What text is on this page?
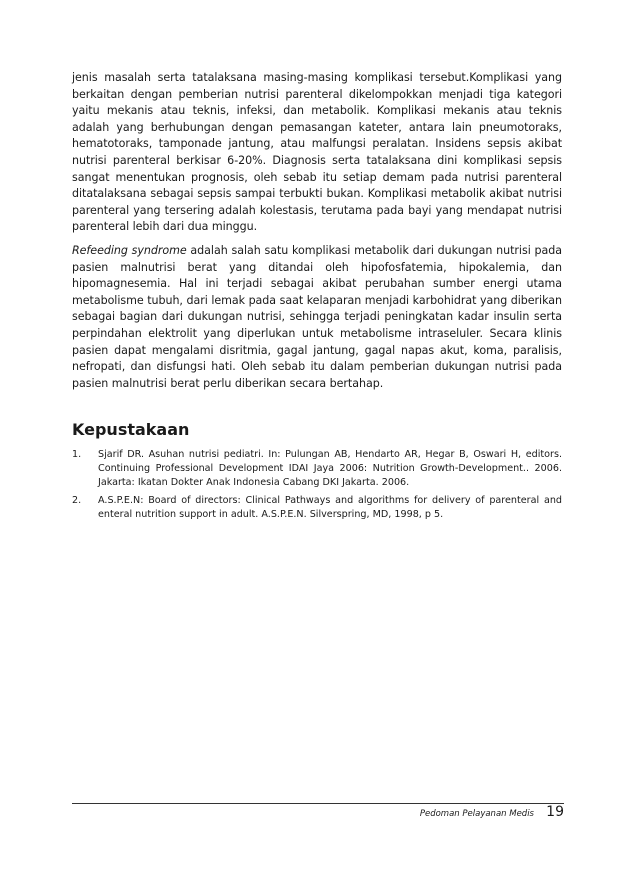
jenis masalah serta tatalaksana masing-masing komplikasi tersebut.Komplikasi yang berkaitan dengan pemberian nutrisi parenteral dikelompokkan menjadi tiga kategori yaitu mekanis atau teknis, infeksi, dan metabolik. Komplikasi mekanis atau teknis adalah yang berhubungan dengan pemasangan kateter, antara lain pneumotoraks, hematotoraks, tamponade jantung, atau malfungsi peralatan. Insidens sepsis akibat nutrisi parenteral berkisar 6-20%. Diagnosis serta tatalaksana dini komplikasi sepsis sangat menentukan prognosis, oleh sebab itu setiap demam pada nutrisi parenteral ditatalaksana sebagai sepsis sampai terbukti bukan. Komplikasi metabolik akibat nutrisi parenteral yang tersering adalah kolestasis, terutama pada bayi yang mendapat nutrisi parenteral lebih dari dua minggu.

Refeeding syndrome adalah salah satu komplikasi metabolik dari dukungan nutrisi pada pasien malnutrisi berat yang ditandai oleh hipofosfatemia, hipokalemia, dan hipomagnesemia. Hal ini terjadi sebagai akibat perubahan sumber energi utama metabolisme tubuh, dari lemak pada saat kelaparan menjadi karbohidrat yang diberikan sebagai bagian dari dukungan nutrisi, sehingga terjadi peningkatan kadar insulin serta perpindahan elektrolit yang diperlukan untuk metabolisme intraseluler. Secara klinis pasien dapat mengalami disritmia, gagal jantung, gagal napas akut, koma, paralisis, nefropati, dan disfungsi hati. Oleh sebab itu dalam pemberian dukungan nutrisi pada pasien malnutrisi berat perlu diberikan secara bertahap.

Kepustakaan
1.	Sjarif DR. Asuhan nutrisi pediatri. In: Pulungan AB, Hendarto AR, Hegar B, Oswari H, editors. Continuing Professional Development IDAI Jaya 2006: Nutrition Growth-Development.. 2006. Jakarta: Ikatan Dokter Anak Indonesia Cabang DKI Jakarta. 2006.
2.	A.S.P.E.N: Board of directors: Clinical Pathways and algorithms for delivery of parenteral and enteral nutrition support in adult. A.S.P.E.N. Silverspring, MD, 1998, p 5.
Pedoman Pelayanan Medis 19
